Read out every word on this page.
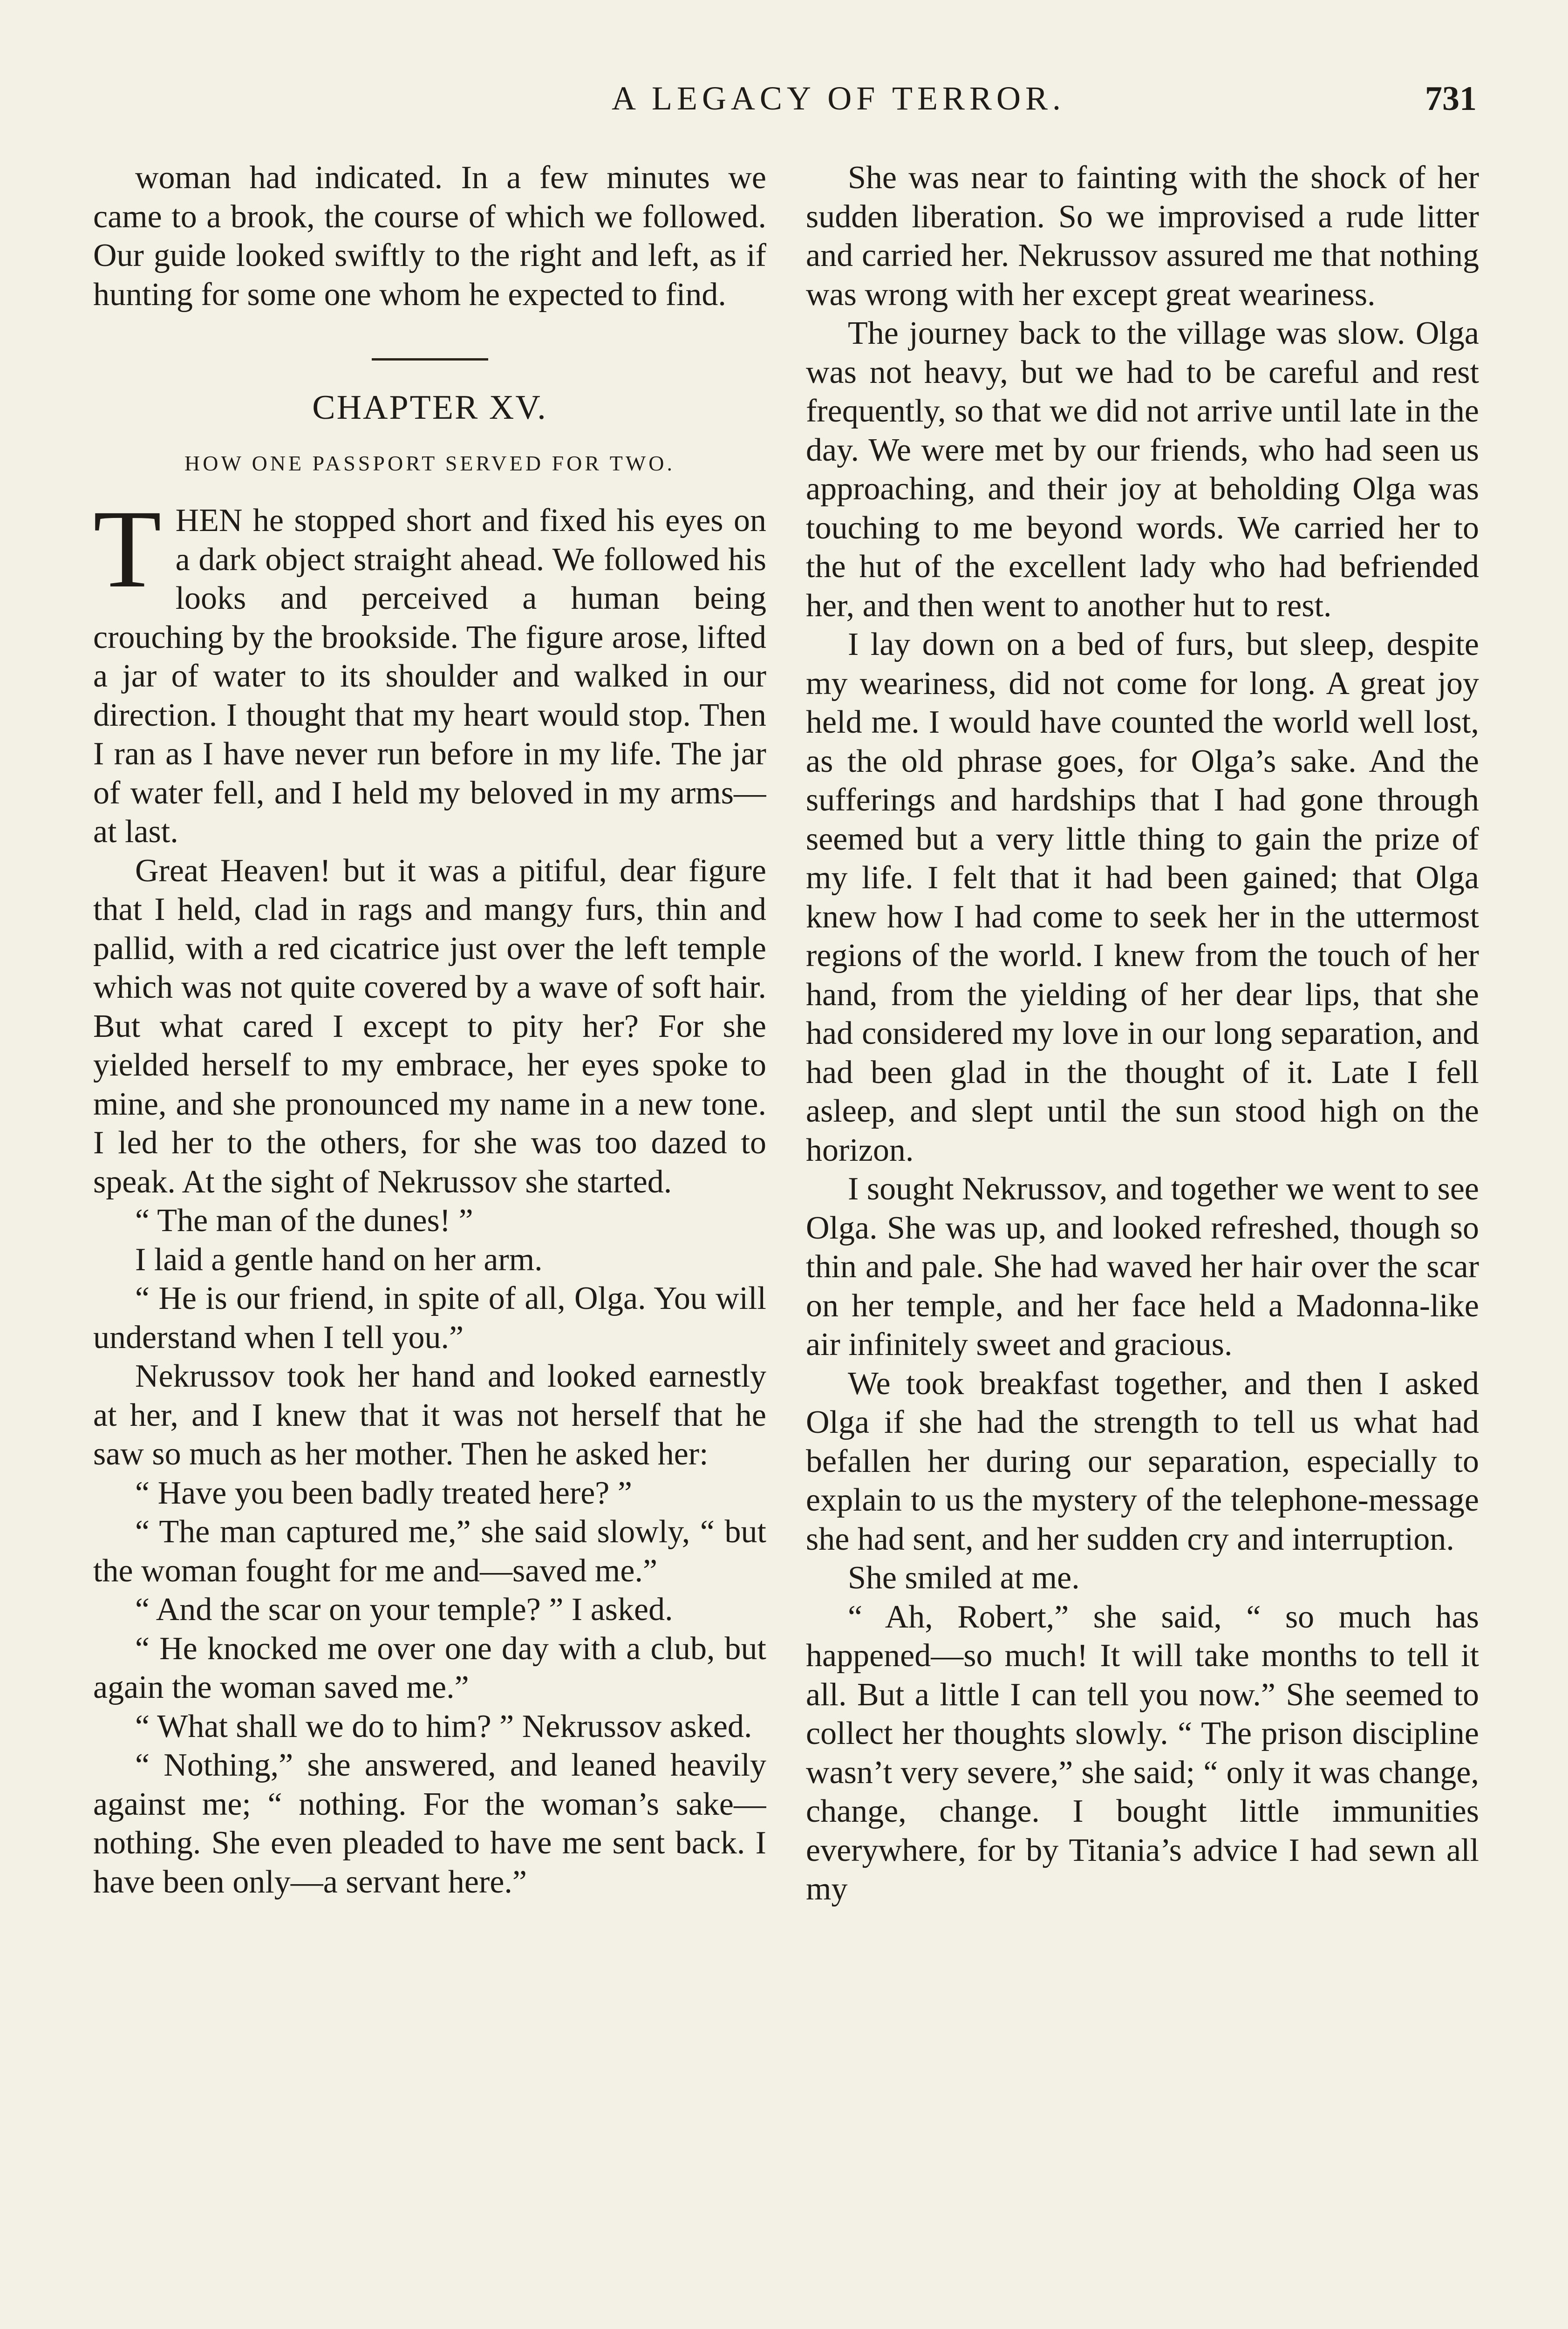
A LEGACY OF TERROR.	731

woman had indicated. In a few minutes we came to a brook, the course of which we followed. Our guide looked swiftly to the right and left, as if hunting for some one whom he expected to find.

CHAPTER XV.
HOW ONE PASSPORT SERVED FOR TWO.

THEN he stopped short and fixed his eyes on a dark object straight ahead. We followed his looks and perceived a human being crouching by the brookside. The figure arose, lifted a jar of water to its shoulder and walked in our direction. I thought that my heart would stop. Then I ran as I have never run before in my life. The jar of water fell, and I held my beloved in my arms—at last.

Great Heaven! but it was a pitiful, dear figure that I held, clad in rags and mangy furs, thin and pallid, with a red cicatrice just over the left temple which was not quite covered by a wave of soft hair. But what cared I except to pity her? For she yielded herself to my embrace, her eyes spoke to mine, and she pronounced my name in a new tone. I led her to the others, for she was too dazed to speak. At the sight of Nekrussov she started.

“ The man of the dunes! ”

I laid a gentle hand on her arm.

“ He is our friend, in spite of all, Olga. You will understand when I tell you.”

Nekrussov took her hand and looked earnestly at her, and I knew that it was not herself that he saw so much as her mother. Then he asked her:

“ Have you been badly treated here? ”

“ The man captured me,” she said slowly, “ but the woman fought for me and—saved me.”

“ And the scar on your temple? ” I asked.

“ He knocked me over one day with a club, but again the woman saved me.”

“ What shall we do to him? ” Nekrussov asked.

“ Nothing,” she answered, and leaned heavily against me; “ nothing. For the woman’s sake—nothing. She even pleaded to have me sent back. I have been only—a servant here.”

She was near to fainting with the shock of her sudden liberation. So we improvised a rude litter and carried her. Nekrussov assured me that nothing was wrong with her except great weariness.

The journey back to the village was slow. Olga was not heavy, but we had to be careful and rest frequently, so that we did not arrive until late in the day. We were met by our friends, who had seen us approaching, and their joy at beholding Olga was touching to me beyond words. We carried her to the hut of the excellent lady who had befriended her, and then went to another hut to rest.

I lay down on a bed of furs, but sleep, despite my weariness, did not come for long. A great joy held me. I would have counted the world well lost, as the old phrase goes, for Olga’s sake. And the sufferings and hardships that I had gone through seemed but a very little thing to gain the prize of my life. I felt that it had been gained; that Olga knew how I had come to seek her in the uttermost regions of the world. I knew from the touch of her hand, from the yielding of her dear lips, that she had considered my love in our long separation, and had been glad in the thought of it. Late I fell asleep, and slept until the sun stood high on the horizon.

I sought Nekrussov, and together we went to see Olga. She was up, and looked refreshed, though so thin and pale. She had waved her hair over the scar on her temple, and her face held a Madonna-like air infinitely sweet and gracious.

We took breakfast together, and then I asked Olga if she had the strength to tell us what had befallen her during our separation, especially to explain to us the mystery of the telephone-message she had sent, and her sudden cry and interruption.

She smiled at me.

“ Ah, Robert,” she said, “ so much has happened—so much! It will take months to tell it all. But a little I can tell you now.” She seemed to collect her thoughts slowly. “ The prison discipline wasn’t very severe,” she said; “ only it was change, change, change. I bought little immunities everywhere, for by Titania’s advice I had sewn all my
